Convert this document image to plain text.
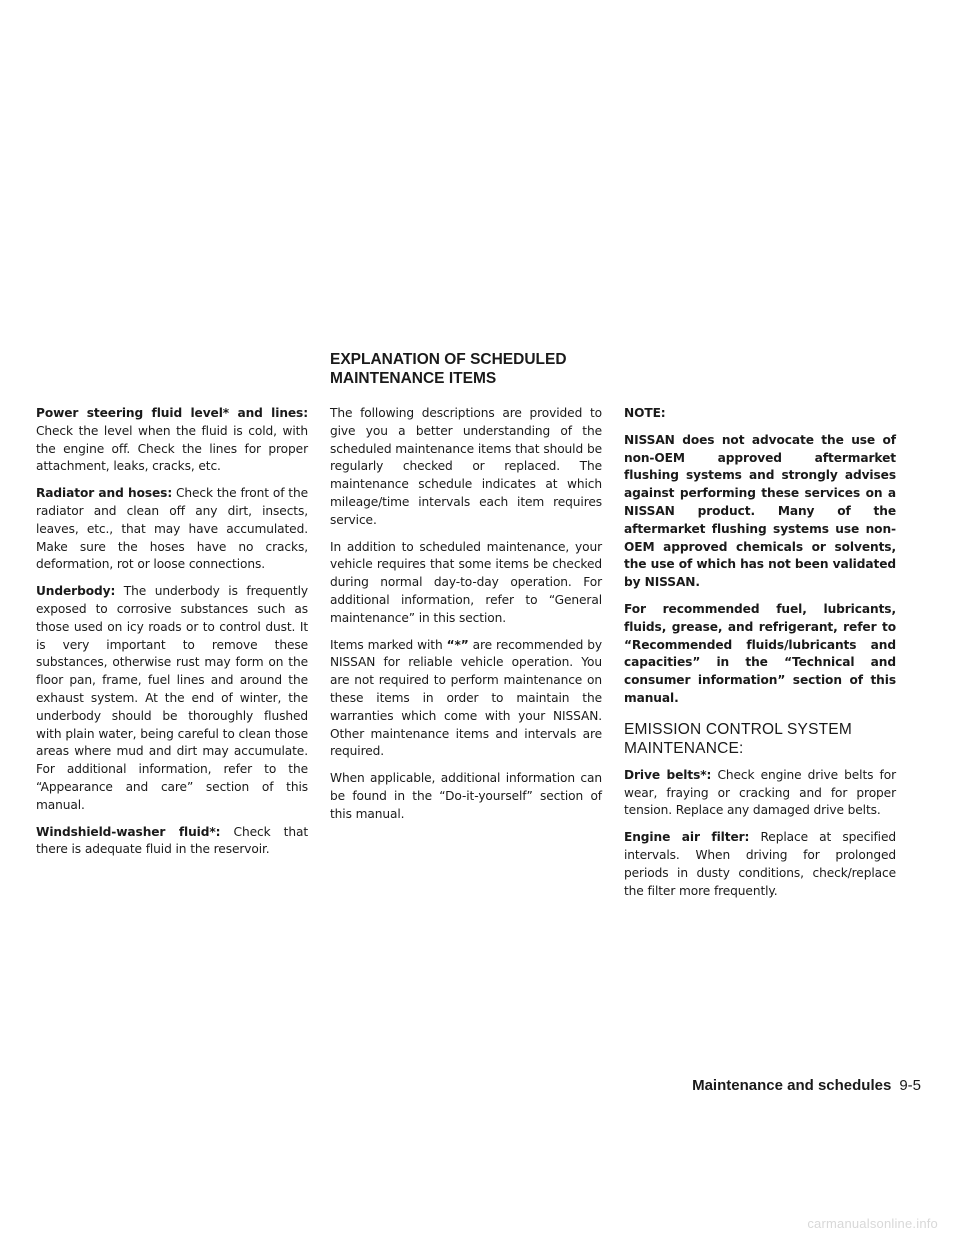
EXPLANATION OF SCHEDULED
MAINTENANCE ITEMS

Power steering fluid level* and lines: Check the level when the fluid is cold, with the engine off. Check the lines for proper attachment, leaks, cracks, etc.

Radiator and hoses: Check the front of the radiator and clean off any dirt, insects, leaves, etc., that may have accumulated. Make sure the hoses have no cracks, deformation, rot or loose connections.

Underbody: The underbody is frequently exposed to corrosive substances such as those used on icy roads or to control dust. It is very important to remove these substances, otherwise rust may form on the floor pan, frame, fuel lines and around the exhaust system. At the end of winter, the underbody should be thoroughly flushed with plain water, being careful to clean those areas where mud and dirt may accumulate. For additional information, refer to the “Appearance and care” section of this manual.

Windshield-washer fluid*: Check that there is adequate fluid in the reservoir.

The following descriptions are provided to give you a better understanding of the scheduled maintenance items that should be regularly checked or replaced. The maintenance schedule indicates at which mileage/time intervals each item requires service.

In addition to scheduled maintenance, your vehicle requires that some items be checked during normal day-to-day operation. For additional information, refer to “General maintenance” in this section.

Items marked with “*” are recommended by NISSAN for reliable vehicle operation. You are not required to perform maintenance on these items in order to maintain the warranties which come with your NISSAN. Other maintenance items and intervals are required.

When applicable, additional information can be found in the “Do-it-yourself” section of this manual.

NOTE:

NISSAN does not advocate the use of non-OEM approved aftermarket flushing systems and strongly advises against performing these services on a NISSAN product. Many of the aftermarket flushing systems use non-OEM approved chemicals or solvents, the use of which has not been validated by NISSAN.

For recommended fuel, lubricants, fluids, grease, and refrigerant, refer to “Recommended fluids/lubricants and capacities” in the “Technical and consumer information” section of this manual.

EMISSION CONTROL SYSTEM
MAINTENANCE:

Drive belts*: Check engine drive belts for wear, fraying or cracking and for proper tension. Replace any damaged drive belts.

Engine air filter: Replace at specified intervals. When driving for prolonged periods in dusty conditions, check/replace the filter more frequently.

Maintenance and schedules 9-5
carmanualsonline.info
